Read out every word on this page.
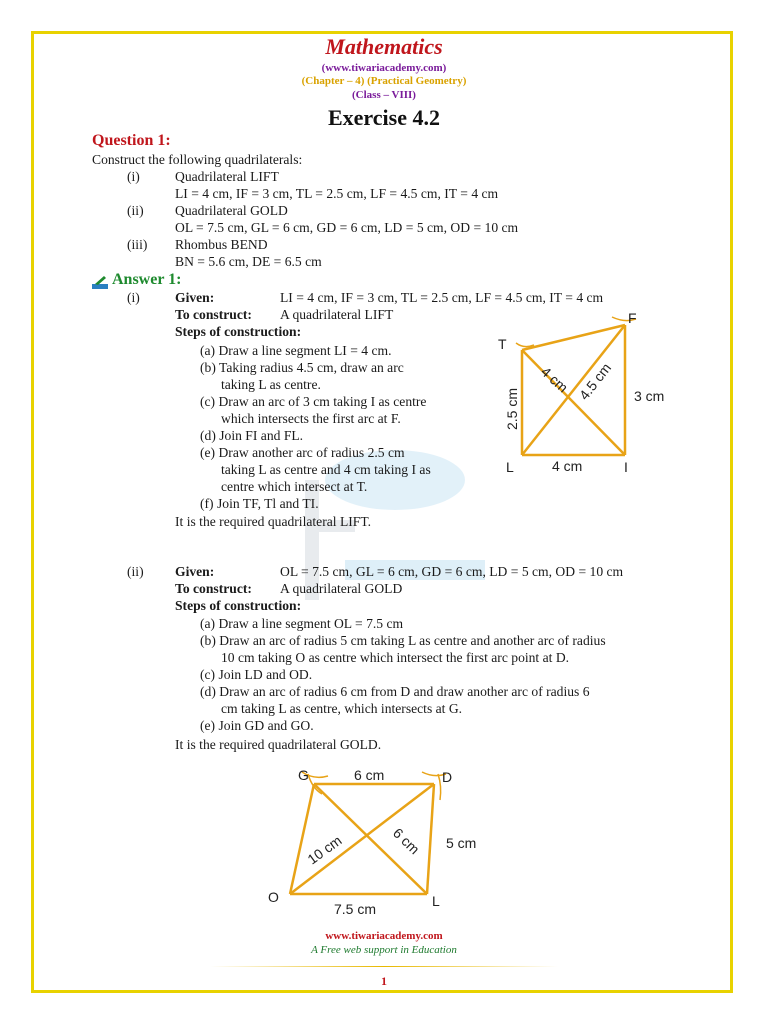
Mathematics
(www.tiwariacademy.com)
(Chapter – 4) (Practical Geometry)
(Class – VIII)
Exercise 4.2
Question 1:
Construct the following quadrilaterals:
(i)	Quadrilateral LIFT
LI = 4 cm, IF = 3 cm, TL = 2.5 cm, LF = 4.5 cm, IT = 4 cm
(ii) Quadrilateral GOLD
OL = 7.5 cm, GL = 6 cm, GD = 6 cm, LD = 5 cm, OD = 10 cm
(iii) Rhombus BEND
BN = 5.6 cm, DE = 6.5 cm
Answer 1:
(i)	Given:	LI = 4 cm, IF = 3 cm, TL = 2.5 cm, LF = 4.5 cm, IT = 4 cm
To construct: A quadrilateral LIFT
Steps of construction:
(a) Draw a line segment LI = 4 cm.
(b) Taking radius 4.5 cm, draw an arc
taking L as centre.
(c) Draw an arc of 3 cm taking I as centre
which intersects the first arc at F.
(d) Join FI and FL.
(e) Draw another arc of radius 2.5 cm
taking L as centre and 4 cm taking I as
centre which intersect at T.
(f) Join TF, Tl and TI.
It is the required quadrilateral LIFT.
F
T
L	I
4 cm
3 cm
2.5 cm
4 cm 4.5 cm
(ii) Given:	OL = 7.5 cm, GL = 6 cm, GD = 6 cm, LD = 5 cm, OD = 10 cm
To construct: A quadrilateral GOLD
Steps of construction:
(a) Draw a line segment OL = 7.5 cm
(b) Draw an arc of radius 5 cm taking L as centre and another arc of radius
10 cm taking O as centre which intersect the first arc point at D.
(c) Join LD and OD.
(d) Draw an arc of radius 6 cm from D and draw another arc of radius 6
cm taking L as centre, which intersects at G.
(e) Join GD and GO.
It is the required quadrilateral GOLD.
G	D
O	L
6 cm
5 cm
7.5 cm
10 cm	6 cm
www.tiwariacademy.com
A Free web support in Education
1
